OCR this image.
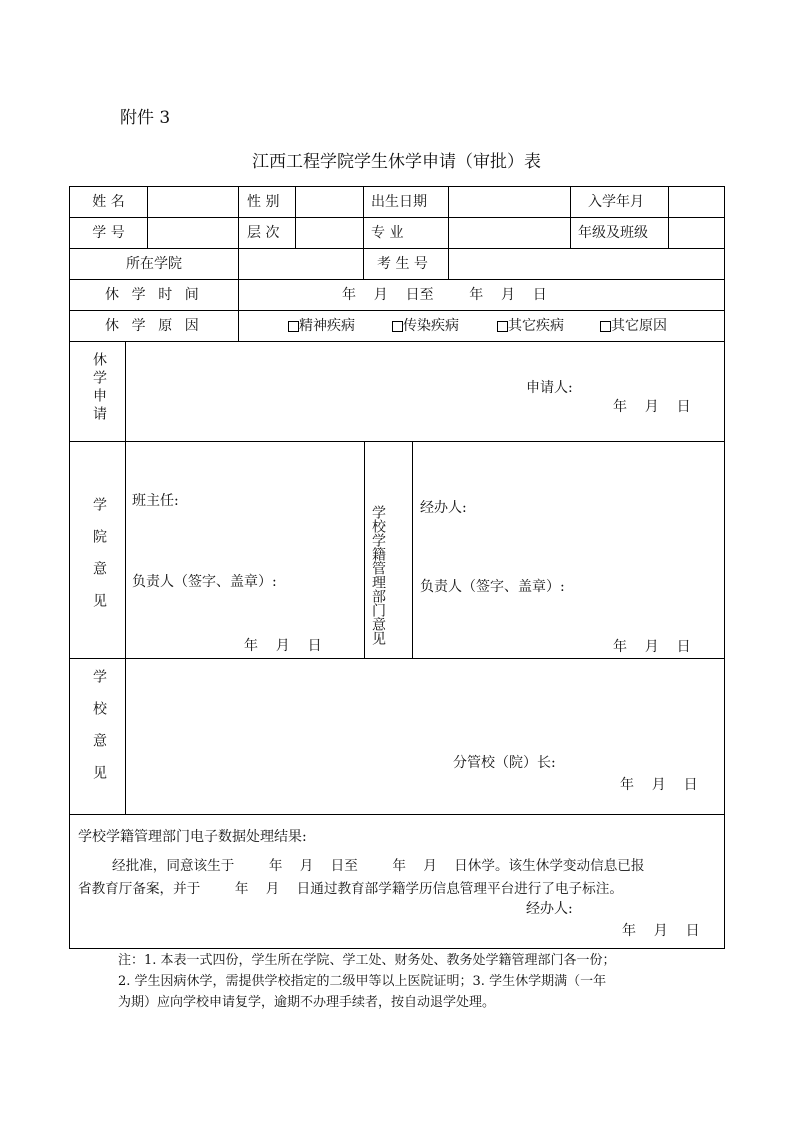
附件 3
江西工程学院学生休学申请（审批）表
姓 名	性 别	出生日期	入学年月
学 号	层 次	专 业	年级及班级
所在学院	考 生 号
休学时间	年    月    日至        年    月    日
休学原因	精神疾病	传染疾病	其它疾病	其它原因
休学申请	申请人:
年    月    日
学院意见 班主任:
负责人（签字、盖章）:
年    月    日
学校学籍管理部门意见 经办人:
负责人（签字、盖章）:
年    月    日
学校意见	分管校（院）长:
年    月    日
学校学籍管理部门电子数据处理结果:
经批准，同意该生于        年    月    日至        年    月    日休学。该生休学变动信息已报
省教育厅备案，并于        年    月    日通过教育部学籍学历信息管理平台进行了电子标注。
经办人:
年    月    日
注：1. 本表一式四份，学生所在学院、学工处、财务处、教务处学籍管理部门各一份；
2. 学生因病休学，需提供学校指定的二级甲等以上医院证明；3. 学生休学期满（一年
为期）应向学校申请复学，逾期不办理手续者，按自动退学处理。
